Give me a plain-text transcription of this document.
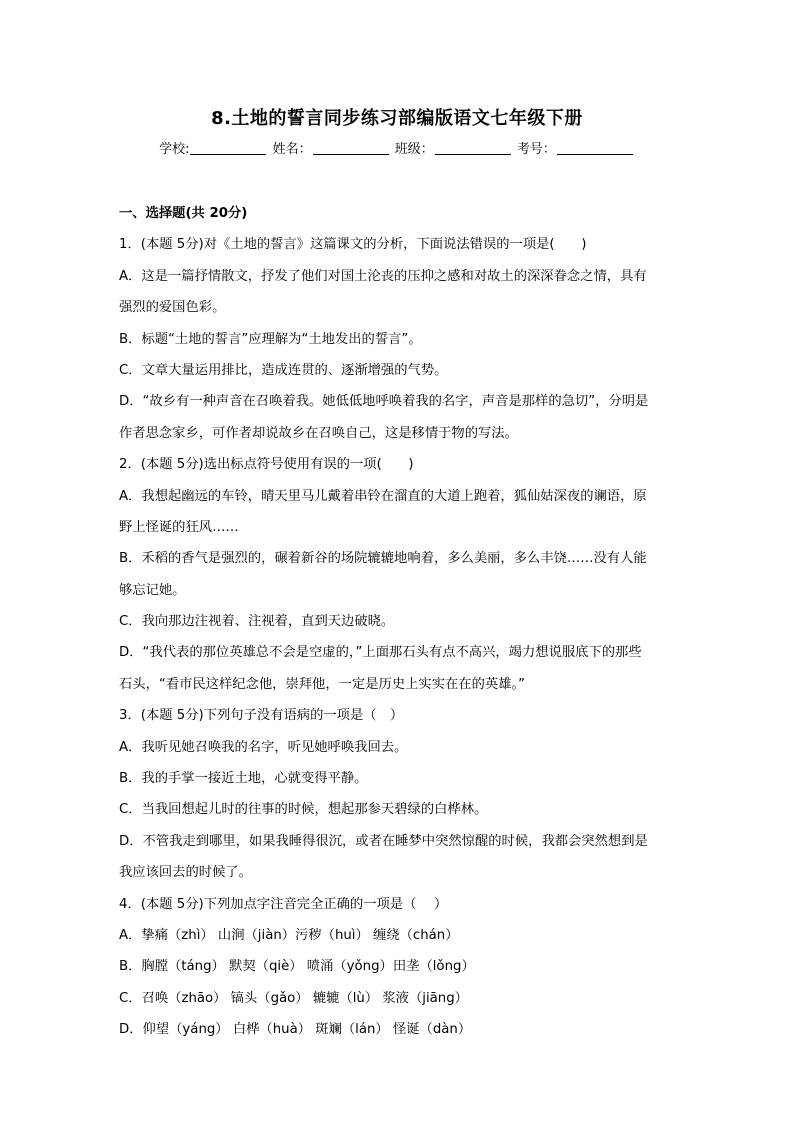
8.土地的誓言同步练习部编版语文七年级下册
学校:	姓名：	班级：	考号：
一、选择题(共 20分)
1．(本题 5分)对《土地的誓言》这篇课文的分析，下面说法错误的一项是(　　)
A．这是一篇抒情散文，抒发了他们对国土沦丧的压抑之感和对故土的深深眷念之情，具有
强烈的爱国色彩。
B．标题“土地的誓言”应理解为“土地发出的誓言”。
C．文章大量运用排比，造成连贯的、逐渐增强的气势。
D．“故乡有一种声音在召唤着我。她低低地呼唤着我的名字，声音是那样的急切”，分明是
作者思念家乡，可作者却说故乡在召唤自己，这是移情于物的写法。
2．(本题 5分)选出标点符号使用有误的一项(　　)
A．我想起幽远的车铃，晴天里马儿戴着串铃在溜直的大道上跑着，狐仙姑深夜的谰语，原
野上怪诞的狂风……
B．禾稻的香气是强烈的，碾着新谷的场院辘辘地响着，多么美丽，多么丰饶……没有人能
够忘记她。
C．我向那边注视着、注视着，直到天边破晓。
D．“我代表的那位英雄总不会是空虚的，”上面那石头有点不高兴，竭力想说服底下的那些
石头，“看市民这样纪念他，崇拜他，一定是历史上实实在在的英雄。”
3．(本题 5分)下列句子没有语病的一项是（　）
A．我听见她召唤我的名字，听见她呼唤我回去。
B．我的手掌一接近土地，心就变得平静。
C．当我回想起儿时的往事的时候，想起那参天碧绿的白桦林。
D．不管我走到哪里，如果我睡得很沉，或者在睡梦中突然惊醒的时候，我都会突然想到是
我应该回去的时候了。
4．(本题 5分)下列加点字注音完全正确的一项是（　 ）
A．挚痛（zhì） 山涧（jiàn）污秽（huì） 缠绕（chán）
B．胸膛（táng） 默契（qiè） 喷涌（yǒng）田垄（lǒng）
C．召唤（zhāo） 镐头（gǎo） 辘辘（lù） 浆液（jiāng）
D．仰望（yáng） 白桦（huà） 斑斓（lán） 怪诞（dàn）
